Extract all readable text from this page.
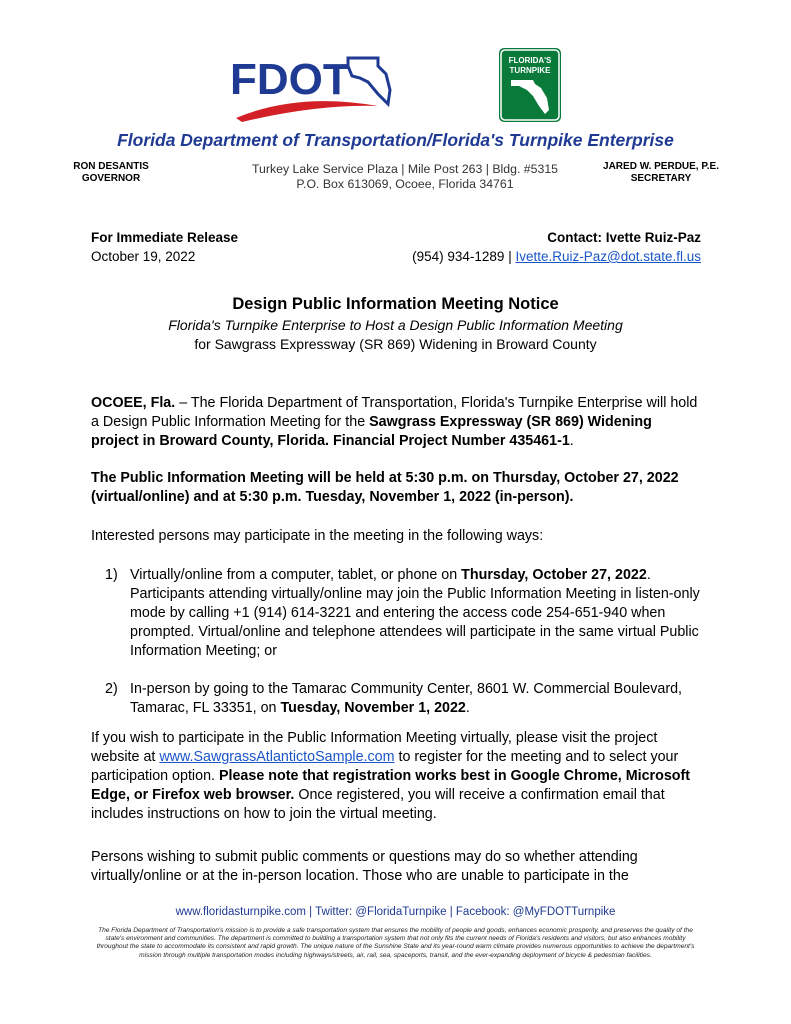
FDOT	FLORIDA'S
TURNPIKE
Florida Department of Transportation/Florida's Turnpike Enterprise
RON DESANTIS
GOVERNOR
Turkey Lake Service Plaza | Mile Post 263 | Bldg. #5315
P.O. Box 613069, Ocoee, Florida 34761
JARED W. PERDUE, P.E.
SECRETARY
For Immediate Release
October 19, 2022
Contact: Ivette Ruiz-Paz
(954) 934-1289 | Ivette.Ruiz-Paz@dot.state.fl.us
Design Public Information Meeting Notice
Florida's Turnpike Enterprise to Host a Design Public Information Meeting
for Sawgrass Expressway (SR 869) Widening in Broward County
OCOEE, Fla. – The Florida Department of Transportation, Florida's Turnpike Enterprise will hold a Design Public Information Meeting for the Sawgrass Expressway (SR 869) Widening project in Broward County, Florida. Financial Project Number 435461-1.
The Public Information Meeting will be held at 5:30 p.m. on Thursday, October 27, 2022 (virtual/online) and at 5:30 p.m. Tuesday, November 1, 2022 (in-person).
Interested persons may participate in the meeting in the following ways:
1) Virtually/online from a computer, tablet, or phone on Thursday, October 27, 2022. Participants attending virtually/online may join the Public Information Meeting in listen-only mode by calling +1 (914) 614-3221 and entering the access code 254-651-940 when prompted. Virtual/online and telephone attendees will participate in the same virtual Public Information Meeting; or
2) In-person by going to the Tamarac Community Center, 8601 W. Commercial Boulevard, Tamarac, FL 33351, on Tuesday, November 1, 2022.
If you wish to participate in the Public Information Meeting virtually, please visit the project website at www.SawgrassAtlantictoSample.com to register for the meeting and to select your participation option. Please note that registration works best in Google Chrome, Microsoft Edge, or Firefox web browser. Once registered, you will receive a confirmation email that includes instructions on how to join the virtual meeting.
Persons wishing to submit public comments or questions may do so whether attending virtually/online or at the in-person location. Those who are unable to participate in the
www.floridasturnpike.com | Twitter: @FloridaTurnpike | Facebook: @MyFDOTTurnpike
The Florida Department of Transportation's mission is to provide a safe transportation system that ensures the mobility of people and goods, enhances economic prosperity, and preserves the quality of the state's environment and communities. The department is committed to building a transportation system that not only fits the current needs of Florida's residents and visitors, but also enhances mobility throughout the state to accommodate its consistent and rapid growth. The unique nature of the Sunshine State and its year-round warm climate provides numerous opportunities to achieve the department's mission through multiple transportation modes including highways/streets, air, rail, sea, spaceports, transit, and the ever-expanding deployment of bicycle & pedestrian facilities.
